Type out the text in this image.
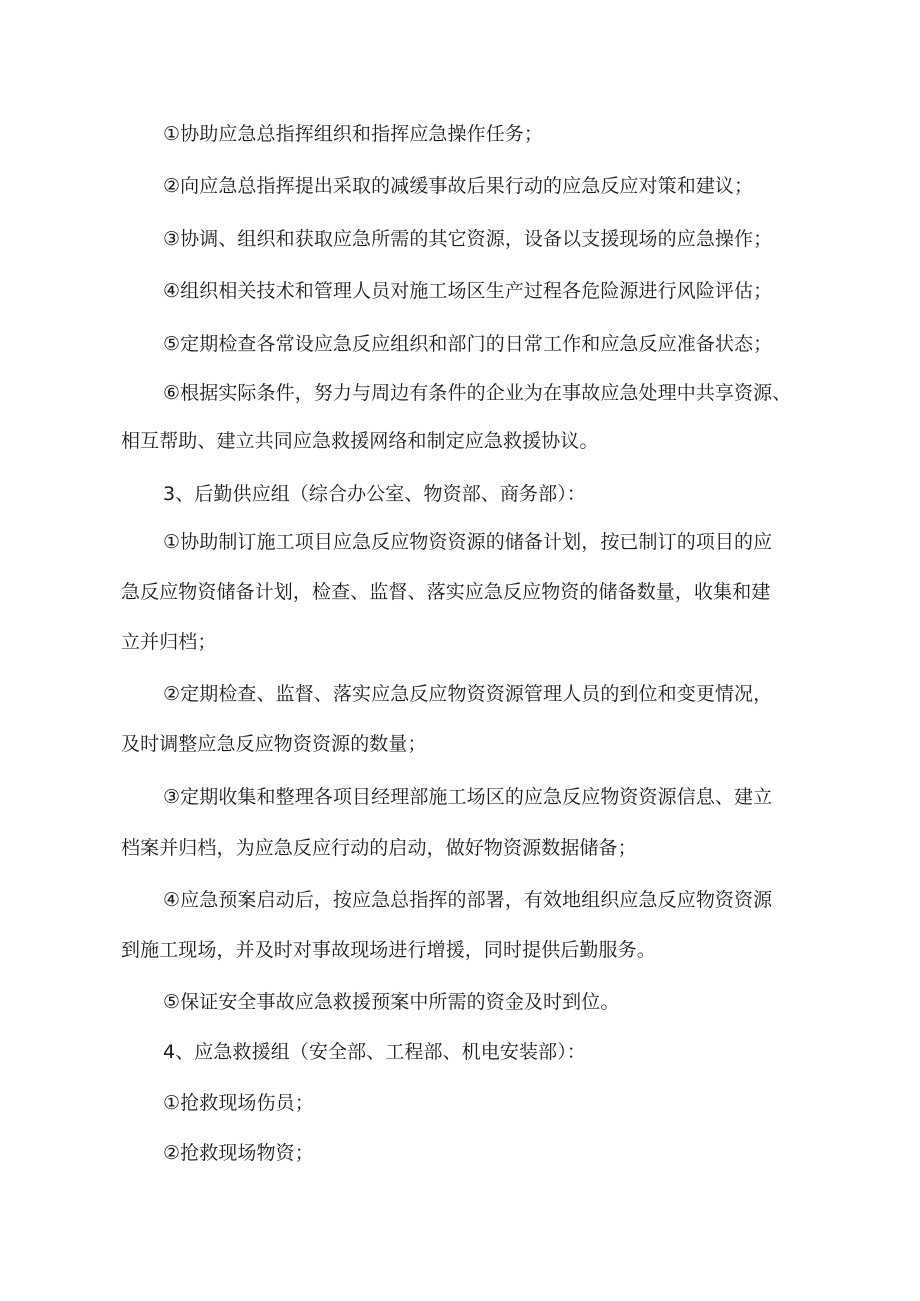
①协助应急总指挥组织和指挥应急操作任务；
②向应急总指挥提出采取的减缓事故后果行动的应急反应对策和建议；
③协调、组织和获取应急所需的其它资源，设备以支援现场的应急操作；
④组织相关技术和管理人员对施工场区生产过程各危险源进行风险评估；
⑤定期检查各常设应急反应组织和部门的日常工作和应急反应准备状态；
⑥根据实际条件，努力与周边有条件的企业为在事故应急处理中共享资源、
相互帮助、建立共同应急救援网络和制定应急救援协议。
3、后勤供应组（综合办公室、物资部、商务部）：
①协助制订施工项目应急反应物资资源的储备计划，按已制订的项目的应
急反应物资储备计划，检查、监督、落实应急反应物资的储备数量，收集和建
立并归档；
②定期检查、监督、落实应急反应物资资源管理人员的到位和变更情况，
及时调整应急反应物资资源的数量；
③定期收集和整理各项目经理部施工场区的应急反应物资资源信息、建立
档案并归档，为应急反应行动的启动，做好物资源数据储备；
④应急预案启动后，按应急总指挥的部署，有效地组织应急反应物资资源
到施工现场，并及时对事故现场进行增援，同时提供后勤服务。
⑤保证安全事故应急救援预案中所需的资金及时到位。
4、应急救援组（安全部、工程部、机电安装部）：
①抢救现场伤员；
②抢救现场物资；
